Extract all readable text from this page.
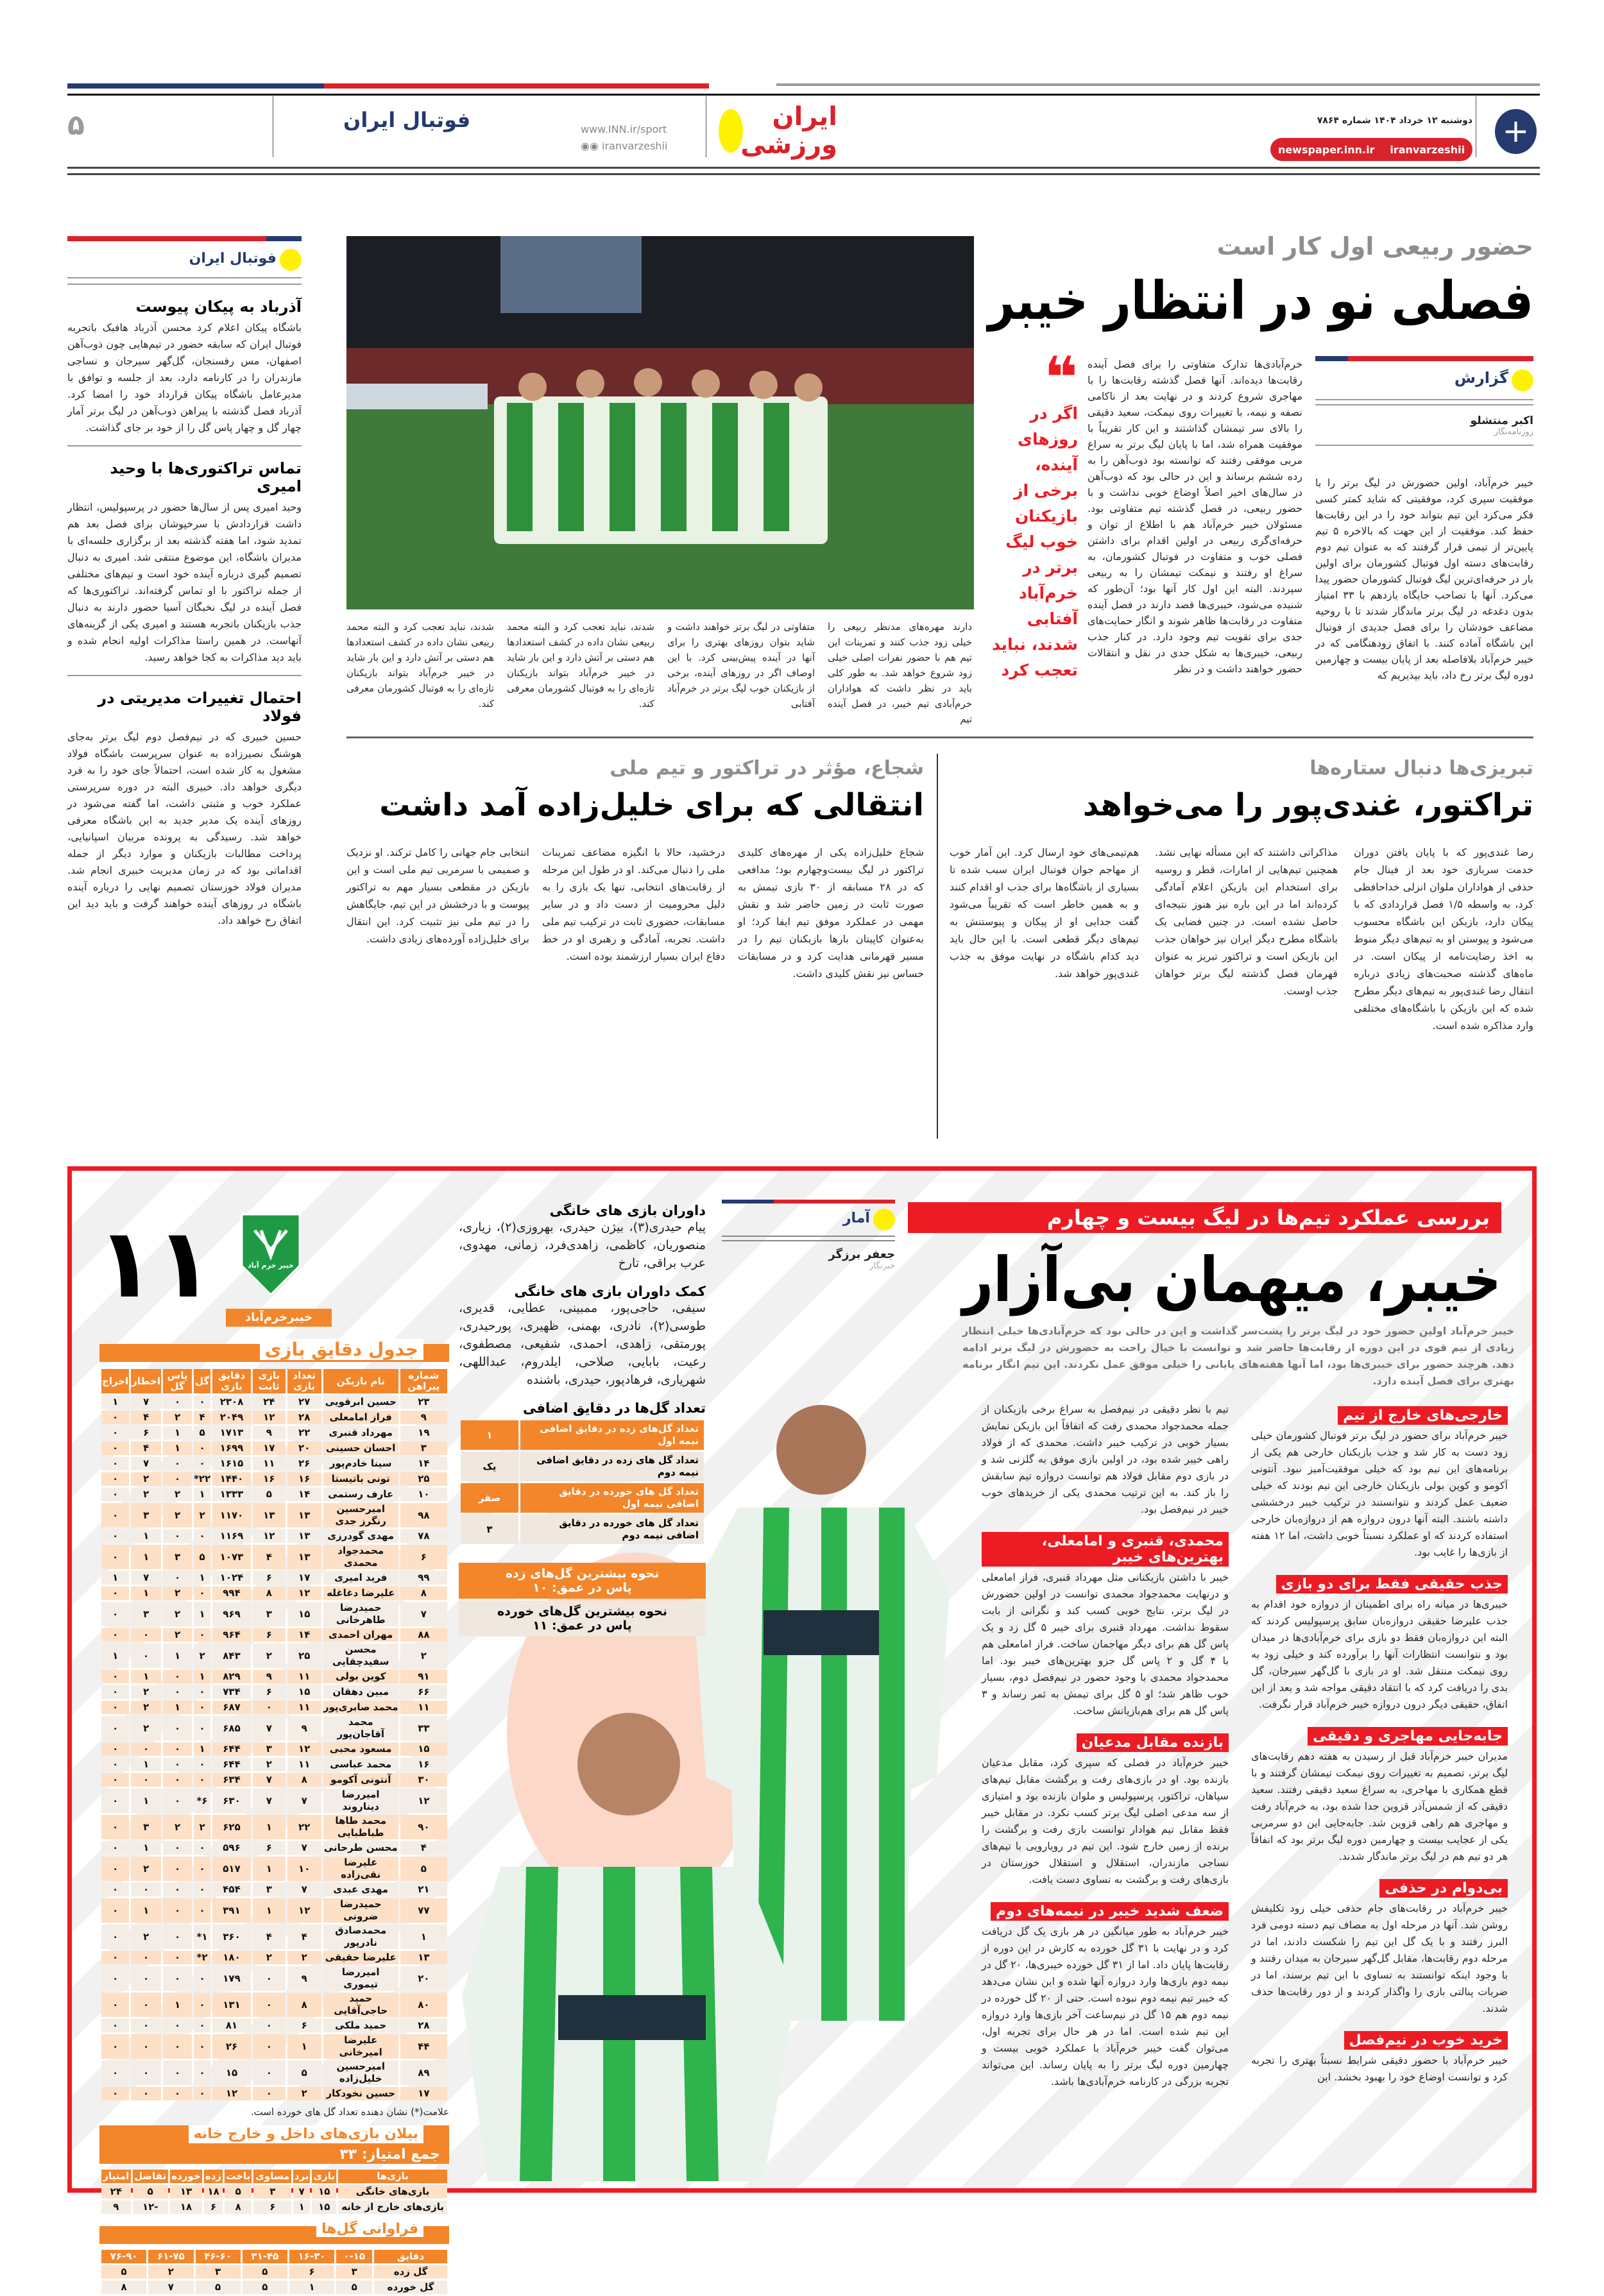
۵	فوتبال ایران	www.INN.ir/sport
◉◉ iranvarzeshii
ایران ورزشی
دوشنبه ۱۲ خرداد ۱۴۰۴ شماره ۷۸۶۴
newspaper.inn.ir iranvarzeshii +
فوتبال ایران
آذرباد به پیکان پیوست

باشگاه پیکان اعلام کرد محسن آذرباد هافبک باتجربه فوتبال ایران که سابقه حضور در تیم‌هایی چون ذوب‌آهن اصفهان، مس رفسنجان، گل‌گهر سیرجان و نساجی مازندران را در کارنامه دارد، بعد از جلسه و توافق با مدیرعامل باشگاه پیکان قرارداد خود را امضا کرد. آذرباد فصل گذشته با پیراهن ذوب‌آهن در لیگ برتر آمار چهار گل و چهار پاس گل را از خود بر جای گذاشت.

تماس تراکتوری‌ها با وحید امیری

وحید امیری پس از سال‌ها حضور در پرسپولیس، انتظار داشت قراردادش با سرخپوشان برای فصل بعد هم تمدید شود، اما هفته گذشته بعد از برگزاری جلسه‌ای با مدیران باشگاه، این موضوع منتفی شد. امیری به دنبال تصمیم گیری درباره آینده خود است و تیم‌های مختلفی از جمله تراکتور با او تماس گرفته‌اند. تراکتوری‌ها که فصل آینده در لیگ نخبگان آسیا حضور دارند به دنبال جذب بازیکنان باتجربه هستند و امیری یکی از گزینه‌های آنهاست. در همین راستا مذاکرات اولیه انجام شده و باید دید مذاکرات به کجا خواهد رسید.

احتمال تغییرات مدیریتی در فولاد

حسین خبیری که در نیم‌فصل دوم لیگ برتر به‌جای هوشنگ نصیرزاده به عنوان سرپرست باشگاه فولاد مشغول به کار شده است، احتمالاً جای خود را به فرد دیگری خواهد داد. خبیری البته در دوره سرپرستی عملکرد خوب و مثبتی داشت، اما گفته می‌شود در روزهای آینده یک مدیر جدید به این باشگاه معرفی خواهد شد. رسیدگی به پرونده مربیان اسپانیایی، پرداخت مطالبات بازیکنان و موارد دیگر از جمله اقداماتی بود که در زمان مدیریت خبیری انجام شد. مدیران فولاد خوزستان تصمیم نهایی را درباره آینده باشگاه در روزهای آینده خواهند گرفت و باید دید این اتفاق رخ خواهد داد.

حضور ربیعی اول کار است
فصلی نو در انتظار خیبر
گزارش
اکبر منتشلو
روزنامه‌نگار

خیبر خرم‌آباد، اولین حضورش در لیگ برتر را با موفقیت سپری کرد، موفقیتی که شاید کمتر کسی فکر می‌کرد این تیم بتواند خود را در این رقابت‌ها حفظ کند. موفقیت از این جهت که بالاخره ۵ تیم پایین‌تر از تیمی قرار گرفتند که به عنوان تیم دوم رقابت‌های دسته اول فوتبال کشورمان برای اولین بار در حرفه‌ای‌ترین لیگ فوتبال کشورمان حضور پیدا می‌کرد. آنها با تصاحب جایگاه یازدهم با ۳۳ امتیاز بدون دغدغه در لیگ برتر ماندگار شدند تا با روحیه مضاعف خودشان را برای فصل جدیدی از فوتبال این باشگاه آماده کنند. با اتفاق زودهنگامی که در خیبر خرم‌آباد بلافاصله بعد از پایان بیست و چهارمین دوره لیگ برتر رخ داد، باید بپذیریم که

خرم‌آبادی‌ها تدارک متفاوتی را برای فصل آینده رقابت‌ها دیده‌اند. آنها فصل گذشته رقابت‌ها را با مهاجری شروع کردند و در نهایت بعد از ناکامی نصفه و نیمه، با تغییرات روی نیمکت، سعید دقیقی را بالای سر تیمشان گذاشتند و این کار تقریباً با موفقیت همراه شد، اما با پایان لیگ برتر به سراغ مربی موفقی رفتند که توانسته بود ذوب‌آهن را به رده ششم برساند و این در حالی بود که ذوب‌آهن در سال‌های اخیر اصلاً اوضاع خوبی نداشت و با حضور ربیعی، در فصل گذشته تیم متفاوتی بود. مسئولان خیبر خرم‌آباد هم با اطلاع از توان و حرفه‌ای‌گری ربیعی در اولین اقدام برای داشتن فصلی خوب و متفاوت در فوتبال کشورمان، به سراغ او رفتند و نیمکت تیمشان را به ربیعی سپردند. البته این اول کار آنها بود؛ آن‌طور که شنیده می‌شود، خیبری‌ها قصد دارند در فصل آینده متفاوت در رقابت‌ها ظاهر شوند و انگار حمایت‌های جدی برای تقویت تیم وجود دارد. در کنار جذب ربیعی، خیبری‌ها به شکل جدی در نقل و انتقالات حضور خواهند داشت و در نظر

❝
اگر در روزهای آینده، برخی از بازیکنان خوب لیگ برتر در خرم‌آباد آفتابی شدند، نباید تعجب کرد

دارند مهره‌های مدنظر ربیعی را خیلی زود جذب کنند و تمرینات این تیم هم با حضور نفرات اصلی خیلی زود شروع خواهد شد. به طور کلی باید در نظر داشت که هواداران خرم‌آبادی تیم خیبر، در فصل آینده تیم

متفاوتی در لیگ برتر خواهند داشت و شاید بتوان روزهای بهتری را برای آنها در آینده پیش‌بینی کرد. با این اوصاف اگر در روزهای آینده، برخی از بازیکنان خوب لیگ برتر در خرم‌آباد آفتابی

شدند، نباید تعجب کرد و البته محمد ربیعی نشان داده در کشف استعدادها هم دستی بر آتش دارد و این بار شاید در خیبر خرم‌آباد بتواند بازیکنان تازه‌ای را به فوتبال کشورمان معرفی کند.

شدند، نباید تعجب کرد و البته محمد ربیعی نشان داده در کشف استعدادها هم دستی بر آتش دارد و این بار شاید در خیبر خرم‌آباد بتواند بازیکنان تازه‌ای را به فوتبال کشورمان معرفی کند.

تبریزی‌ها دنبال ستاره‌ها
تراکتور، غندی‌پور را می‌خواهد

رضا غندی‌پور که با پایان یافتن دوران خدمت سربازی خود بعد از فینال جام حذفی از هواداران ملوان انزلی خداحافظی کرد، به واسطه ۱/۵ فصل قراردادی که با پیکان دارد، بازیکن این باشگاه محسوب می‌شود و پیوستن او به تیم‌های دیگر منوط به اخذ رضایت‌نامه از پیکان است. در ماه‌های گذشته صحبت‌های زیادی درباره انتقال رضا غندی‌پور به تیم‌های دیگر مطرح شده که این بازیکن با باشگاه‌های مختلفی وارد مذاکره شده است.

مذاکراتی داشتند که این مسأله نهایی نشد. همچنین تیم‌هایی از امارات، قطر و روسیه برای استخدام این بازیکن اعلام آمادگی کرده‌اند اما در این باره نیز هنوز نتیجه‌ای حاصل نشده است. در چنین فضایی یک باشگاه مطرح دیگر ایران نیز خواهان جذب این بازیکن است و تراکتور تبریز به عنوان قهرمان فصل گذشته لیگ برتر خواهان جذب اوست.

هم‌تیمی‌های خود ارسال کرد. این آمار خوب از مهاجم جوان فوتبال ایران سبب شده تا بسیاری از باشگاه‌ها برای جذب او اقدام کنند و به همین خاطر است که تقریباً می‌شود گفت جدایی او از پیکان و پیوستنش به تیم‌های دیگر قطعی است. با این حال باید دید کدام باشگاه در نهایت موفق به جذب غندی‌پور خواهد شد.

شجاع، مؤثر در تراکتور و تیم ملی
انتقالی که برای خلیل‌زاده آمد داشت

شجاع خلیل‌زاده یکی از مهره‌های کلیدی تراکتور در لیگ بیست‌وچهارم بود؛ مدافعی که در ۲۸ مسابقه از ۳۰ بازی تیمش به صورت ثابت در زمین حاضر شد و نقش مهمی در عملکرد موفق تیم ایفا کرد؛ او به‌عنوان کاپیتان بارها بازیکنان تیم را در مسیر قهرمانی هدایت کرد و در مسابقات حساس نیز نقش کلیدی داشت.

درخشید، حالا با انگیزه مضاعف تمرینات ملی را دنبال می‌کند. او در طول این مرحله از رقابت‌های انتخابی، تنها یک بازی را به دلیل محرومیت از دست داد و در سایر مسابقات، حضوری ثابت در ترکیب تیم ملی داشت. تجربه، آمادگی و رهبری او در خط دفاع ایران بسیار ارزشمند بوده است.

انتخابی جام جهانی را کامل ترکند. او نزدیک و صمیمی با سرمربی تیم ملی است و این بازیکن در مقطعی بسیار مهم به تراکتور پیوست و با درخشش در این تیم، جایگاهش را در تیم ملی نیز تثبیت کرد. این انتقال برای خلیل‌زاده آورده‌های زیادی داشت.

بررسی عملکرد تیم‌ها در لیگ بیست و چهارم
آمار
جعفر برزگر
خبرنگار خیبر، میهمان بی‌آزار

خیبر خرم‌آباد اولین حضور خود در لیگ برتر را پشت‌سر گذاشت و این در حالی بود که خرم‌آبادی‌ها خیلی انتظار زیادی از تیم قوی در این دوره از رقابت‌ها حاضر شد و توانست با خیال راحت به حضورش در لیگ برتر ادامه دهد. هرچند حضور برای خیبری‌ها بود، اما آنها هفته‌های پایانی را خیلی موفق عمل نکردند. این تیم انگار برنامه بهتری برای فصل آینده دارد.

خارجی‌های خارج از تیم

خیبر خرم‌آباد برای حضور در لیگ برتر فوتبال کشورمان خیلی زود دست به کار شد و جذب بازیکنان خارجی هم یکی از برنامه‌های این تیم بود که خیلی موفقیت‌آمیز نبود. آنتونی آکومو و کوین بولی بازیکنان خارجی این تیم بودند که خیلی ضعیف عمل کردند و نتوانستند در ترکیب خیبر درخششی داشته باشند. البته آنها درون دروازه هم از دروازه‌بان خارجی استفاده کردند که او عملکرد نسبتاً خوبی داشت، اما ۱۲ هفته از بازی‌ها را غایب بود.

جذب حقیقی فقط برای دو بازی

خیبری‌ها در میانه راه برای اطمینان از دروازه خود اقدام به جذب علیرضا حقیقی دروازه‌بان سابق پرسپولیس کردند که البته این دروازه‌بان فقط دو بازی برای خرم‌آبادی‌ها در میدان بود و نتوانست انتظارات آنها را برآورده کند و خیلی زود به روی نیمکت منتقل شد. او در بازی با گل‌گهر سیرجان، گل بدی را دریافت کرد که با انتقاد دقیقی مواجه شد و بعد از این اتفاق، حقیقی دیگر درون دروازه خیبر خرم‌آباد قرار نگرفت.

جابه‌جایی مهاجری و دقیقی

مدیران خیبر خرم‌آباد قبل از رسیدن به هفته دهم رقابت‌های لیگ برتر، تصمیم به تغییرات روی نیمکت تیمشان گرفتند و با قطع همکاری با مهاجری، به سراغ سعید دقیقی رفتند. سعید دقیقی که از شمس‌آذر قزوین جدا شده بود، به خرم‌آباد رفت و مهاجری هم راهی قزوین شد. جابه‌جایی این دو سرمربی یکی از عجایب بیست و چهارمین دوره لیگ برتر بود که اتفاقاً هر دو تیم هم در لیگ برتر ماندگار شدند.

بی‌دوام در حذفی

خیبر خرم‌آباد در رقابت‌های جام حذفی خیلی زود تکلیفش روشن شد. آنها در مرحله اول به مصاف تیم دسته دومی فرد البرز رفتند و با یک گل این تیم را شکست دادند، اما در مرحله دوم رقابت‌ها، مقابل گل‌گهر سیرجان به میدان رفتند و با وجود اینکه توانستند به تساوی با این تیم برسند، اما در ضربات پنالتی بازی را واگذار کردند و از دور رقابت‌ها حذف شدند.

خرید خوب در نیم‌فصل

خیبر خرم‌آباد با حضور دقیقی شرایط نسبتاً بهتری را تجربه کرد و توانست اوضاع خود را بهبود بخشد. این

تیم با نظر دقیقی در نیم‌فصل به سراغ برخی بازیکنان از جمله محمدجواد محمدی رفت که اتفاقاً این بازیکن نمایش بسیار خوبی در ترکیب خیبر داشت. محمدی که از فولاد راهی خیبر شده بود، در اولین بازی موفق به گلزنی شد و در بازی دوم مقابل فولاد هم توانست دروازه تیم سابقش را باز کند. به این ترتیب محمدی یکی از خریدهای خوب خیبر در نیم‌فصل بود.

محمدی، قنبری و امامعلی، بهترین‌های خیبر

خیبر با داشتن بازیکنانی مثل مهرداد قنبری، فراز امامعلی و درنهایت محمدجواد محمدی توانست در اولین حضورش در لیگ برتر، نتایج خوبی کسب کند و نگرانی از بابت سقوط نداشت. مهرداد قنبری برای خیبر ۵ گل زد و یک پاس گل هم برای دیگر مهاجمان ساخت. فراز امامعلی هم با ۴ گل و ۲ پاس گل جزو بهترین‌های خیبر بود. اما محمدجواد محمدی با وجود حضور در نیم‌فصل دوم، بسیار خوب ظاهر شد؛ او ۵ گل برای تیمش به ثمر رساند و ۳ پاس گل هم برای هم‌بازیانش ساخت.

بازنده مقابل مدعیان

خیبر خرم‌آباد در فصلی که سپری کرد، مقابل مدعیان بازنده بود. او در بازی‌های رفت و برگشت مقابل تیم‌های سپاهان، تراکتور، پرسپولیس و ملوان بازنده بود و امتیازی از سه مدعی اصلی لیگ برتر کسب نکرد. در مقابل خیبر فقط مقابل تیم هوادار توانست بازی رفت و برگشت را برنده از زمین خارج شود. این تیم در رویارویی با تیم‌های نساجی مازندران، استقلال و استقلال خوزستان در بازی‌های رفت و برگشت به تساوی دست یافت.

ضعف شدید خیبر در نیمه‌های دوم

خیبر خرم‌آباد به طور میانگین در هر بازی یک گل دریافت کرد و در نهایت با ۳۱ گل خورده به کارش در این دوره از رقابت‌ها پایان داد. اما از ۳۱ گل خورده خیبری‌ها، ۲۰ گل در نیمه دوم بازی‌ها وارد دروازه آنها شده و این نشان می‌دهد که خیبر تیم نیمه دوم نبوده است. حتی از ۲۰ گل خورده در نیمه دوم هم ۱۵ گل در نیم‌ساعت آخر بازی‌ها وارد دروازه این تیم شده است. اما در هر حال برای تجربه اول، می‌توان گفت خیبر خرم‌آباد با عملکرد خوبی بیست و چهارمین دوره لیگ برتر را به پایان رساند. این می‌تواند تجربه بزرگی در کارنامه خرم‌آبادی‌ها باشد.

داوران بازی های خانگی

پیام حیدری(۳)، بیژن حیدری، بهروزی(۲)، زیاری، منصوریان، کاظمی، زاهدی‌فرد، زمانی، مهدوی، عرب براقی، تارخ

کمک داوران بازی های خانگی

سیفی، حاجی‌پور، ممبینی، عطایی، قدیری، طوسی(۲)، نادری، بهمنی، ظهیری، پورحیدری، پورمتقی، زاهدی، احمدی، شفیعی، مصطفوی، رعیت، بابایی، صلاحی، ایلدروم، عبداللهی، شهریاری، فرهادپور، حیدری، باشنده

تعداد گل‌ها در دقایق اضافی
تعداد گل‌های زده در دقایق اضافی نیمه اول	۱
تعداد گل های زده در دقایق اضافی نیمه دوم	یک
تعداد گل های خورده در دقایق اضافی نیمه اول	صفر
تعداد گل های خورده در دقایق اضافی نیمه دوم	۳
نحوه بیشترین گل‌های زده
پاس در عمق: ۱۰
نحوه بیشترین گل‌های خورده
پاس در عمق: ۱۱
۱۱	خیبر خرم آباد
خیبرخرم‌آباد
جدول دقایق بازی
شماره پیراهن	نام بازیکن	تعداد بازی	بازی ثابت	دقایق بازی	گل	پاس گل	اخطار	اخراج
۲۳	حسین ابرقویی	۲۷	۲۴	۲۳۰۸	۰	۰	۷	۱
۹	فراز امامعلی	۲۸	۱۲	۲۰۴۹	۴	۲	۴	۰
۱۹	مهرداد قنبری	۲۲	۹	۱۷۱۳	۵	۱	۶	۰
۳	احسان حسینی	۲۰	۱۷	۱۶۹۹	۰	۱	۴	۰
۱۴	سینا خادم‌پور	۲۶	۱۱	۱۶۱۵	۰	۰	۷	۰
۲۵	تونی باتیستا	۱۶	۱۶	۱۴۴۰	۲۲*	۰	۲	۰
۱۰	عارف رستمی	۱۴	۵	۱۳۳۳	۱	۲	۲	۰
۹۸	امیرحسین رنگرز جدی	۱۳	۱۳	۱۱۷۰	۲	۲	۳	۰
۷۸	مهدی گودرزی	۱۳	۱۲	۱۱۶۹	۰	۰	۱	۰
۶	محمدجواد محمدی	۱۳	۴	۱۰۷۳	۵	۳	۱	۰
۹۹	فرید امیری	۱۷	۶	۱۰۲۴	۱	۰	۷	۱
۸	علیرضا دغاغله	۱۲	۸	۹۹۴	۰	۲	۱	۰
۷	حمیدرضا طاهرخانی	۱۵	۳	۹۶۹	۱	۲	۳	۰
۸۸	مهران احمدی	۱۴	۶	۹۶۴	۰	۲	۰	۰
۲	محسن سفیدچقایی	۲۵	۲	۸۴۳	۲	۱	۰	۱
۹۱	کوین بولی	۱۱	۹	۸۲۹	۱	۰	۱	۰
۶۶	مبین دهقان	۱۵	۶	۷۳۴	۰	۰	۲	۰
۱۱	محمد صابری‌پور	۱۱	۰	۶۸۷	۰	۱	۲	۰
۳۳	محمد آقاجان‌پور	۹	۷	۶۸۵	۰	۰	۲	۰
۱۵	مسعود محبی	۱۲	۳	۶۴۴	۱	۰	۰	۰
۱۶	محمد عباسی	۱۱	۲	۶۴۴	۰	۰	۱	۰
۳۰	آنتونی آکومو	۸	۷	۶۳۴	۰	۰	۰	۰
۱۲	امیررضا دیناروند	۷	۷	۶۳۰	۶*	۰	۱	۰
۹۰	محمد طاها طباطبایی	۲۲	۱	۶۲۵	۲	۲	۳	۰
۴	محسن طرحانی	۷	۶	۵۹۶	۰	۰	۱	۰
۵	علیرضا نقی‌زاده	۱۰	۱	۵۱۷	۰	۰	۲	۰
۲۱	مهدی عبدی	۷	۳	۴۵۴	۰	۰	۰	۰
۷۷	حمیدرضا ضرونی	۱۲	۱	۳۹۱	۰	۰	۱	۰
۱	محمدصادق نادرپور	۴	۴	۳۶۰	۱*	۰	۲	۰
۱۳	علیرضا حقیقی	۲	۲	۱۸۰	۲*	۰	۰	۰
۲۰	امیررضا تیموری	۹	۰	۱۷۹	۰	۰	۰	۰
۸۰	حمید حاجی‌آقایی	۸	۰	۱۳۱	۰	۱	۰	۰
۲۸	حمید ملکی	۶	۰	۸۱	۰	۰	۰	۰
۴۴	علیرضا امیرخانی	۱	۰	۲۶	۰	۰	۰	۰
۸۹	امیرحسین خلیل‌زاده	۵	۰	۱۵	۰	۰	۰	۰
۱۷	حسین نخودکار	۲	۰	۱۲	۰	۰	۰	۰

علامت(*) نشان دهنده تعداد گل های خورده است.

بیلان بازی‌های داخل و خارج خانه
جمع امتیاز: ۳۳
بازی‌ها	بازی	برد	مساوی	باخت	زده	خورده	تفاضل	امتیاز
بازی‌های خانگی	۱۵	۷	۳	۵	۱۸	۱۳	۵	۲۴
بازی‌های خارج از خانه	۱۵	۱	۶	۸	۶	۱۸	-۱۲	۹
فراوانی گل‌ها
دقایق	۰-۱۵	۱۶-۳۰	۳۱-۴۵	۴۶-۶۰	۶۱-۷۵	۷۶-۹۰
گل زده	۳	۶	۵	۳	۲	۵
گل خورده	۵	۱	۵	۵	۷	۸
